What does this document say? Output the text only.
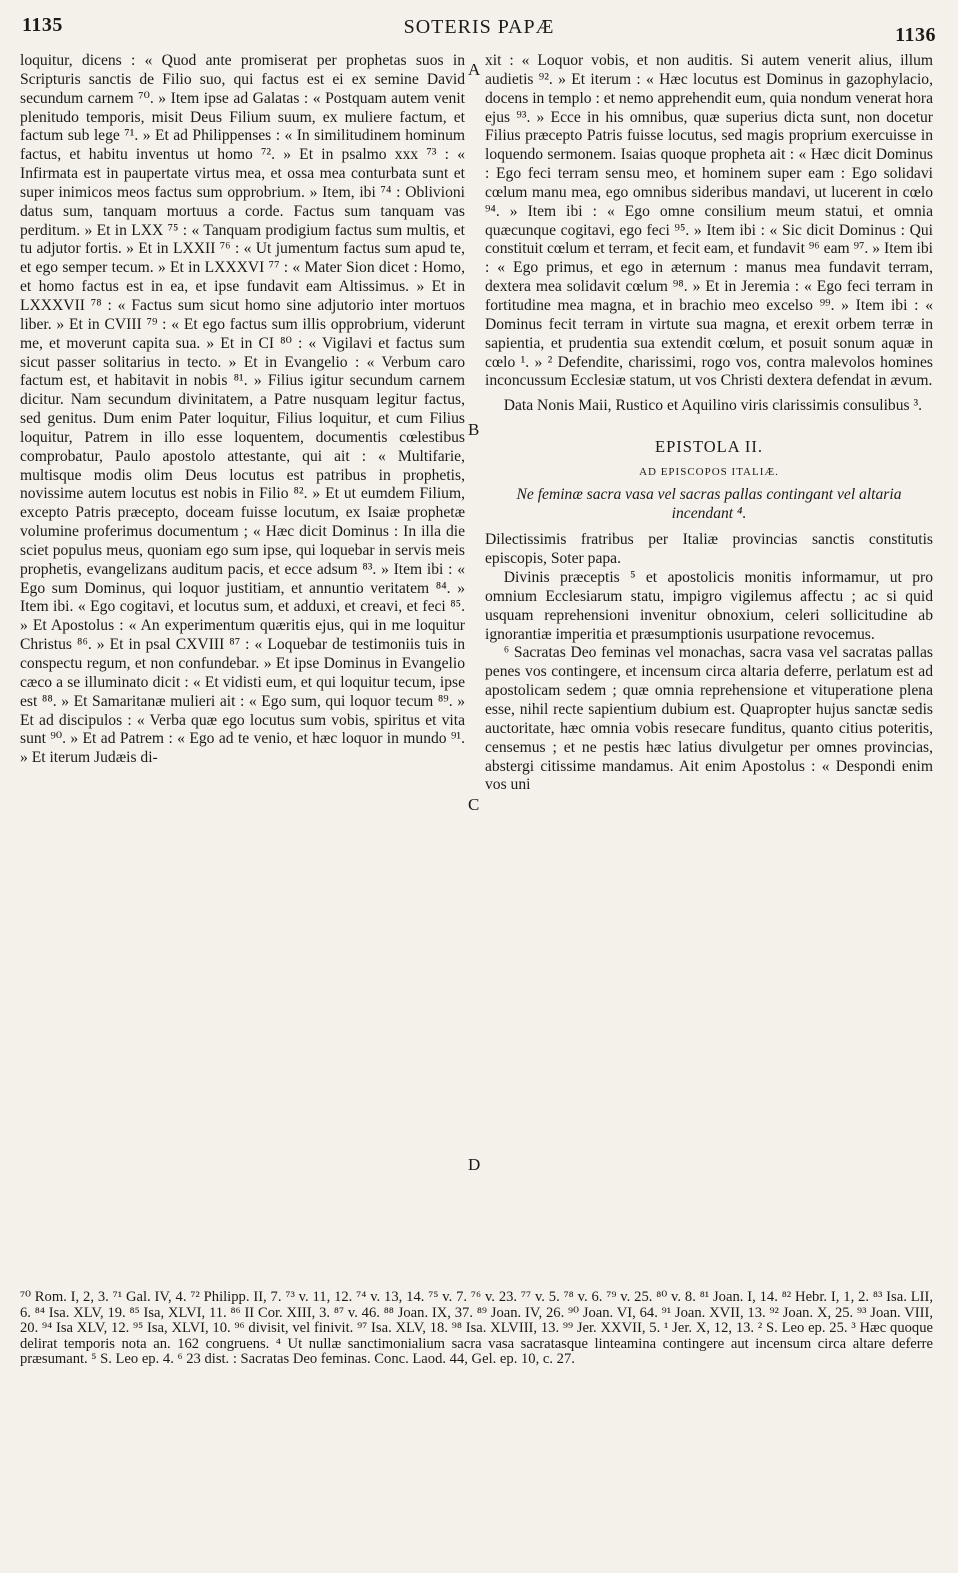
1135	SOTERIS PAPÆ	1136

loquitur, dicens : « Quod ante promiserat per prophetas suos in Scripturis sanctis de Filio suo, qui factus est ei ex semine David secundum carnem ⁷⁰. » Item ipse ad Galatas : « Postquam autem venit plenitudo temporis, misit Deus Filium suum, ex muliere factum, et factum sub lege ⁷¹. » Et ad Philippenses : « In similitudinem hominum factus, et habitu inventus ut homo ⁷². » Et in psalmo xxx ⁷³ : « Infirmata est in paupertate virtus mea, et ossa mea conturbata sunt et super inimicos meos factus sum opprobrium. » Item, ibi ⁷⁴ : Oblivioni datus sum, tanquam mortuus a corde. Factus sum tanquam vas perditum. » Et in LXX ⁷⁵ : « Tanquam prodigium factus sum multis, et tu adjutor fortis. » Et in LXXII ⁷⁶ : « Ut jumentum factus sum apud te, et ego semper tecum. » Et in LXXXVI ⁷⁷ : « Mater Sion dicet : Homo, et homo factus est in ea, et ipse fundavit eam Altissimus. » Et in LXXXVII ⁷⁸ : « Factus sum sicut homo sine adjutorio inter mortuos liber. » Et in CVIII ⁷⁹ : « Et ego factus sum illis opprobrium, viderunt me, et moverunt capita sua. » Et in CI ⁸⁰ : « Vigilavi et factus sum sicut passer solitarius in tecto. » Et in Evangelio : « Verbum caro factum est, et habitavit in nobis ⁸¹. » Filius igitur secundum carnem dicitur. Nam secundum divinitatem, a Patre nusquam legitur factus, sed genitus. Dum enim Pater loquitur, Filius loquitur, et cum Filius loquitur, Patrem in illo esse loquentem, documentis cœlestibus comprobatur, Paulo apostolo attestante, qui ait : « Multifarie, multisque modis olim Deus locutus est patribus in prophetis, novissime autem locutus est nobis in Filio ⁸². » Et ut eumdem Filium, excepto Patris præcepto, doceam fuisse locutum, ex Isaiæ prophetæ volumine proferimus documentum ; « Hæc dicit Dominus : In illa die sciet populus meus, quoniam ego sum ipse, qui loquebar in servis meis prophetis, evangelizans auditum pacis, et ecce adsum ⁸³. » Item ibi : « Ego sum Dominus, qui loquor justitiam, et annuntio veritatem ⁸⁴. » Item ibi. « Ego cogitavi, et locutus sum, et adduxi, et creavi, et feci ⁸⁵. » Et Apostolus : « An experimentum quæritis ejus, qui in me loquitur Christus ⁸⁶. » Et in psal CXVIII ⁸⁷ : « Loquebar de testimoniis tuis in conspectu regum, et non confundebar. » Et ipse Dominus in Evangelio cæco a se illuminato dicit : « Et vidisti eum, et qui loquitur tecum, ipse est ⁸⁸. » Et Samaritanæ mulieri ait : « Ego sum, qui loquor tecum ⁸⁹. » Et ad discipulos : « Verba quæ ego locutus sum vobis, spiritus et vita sunt ⁹⁰. » Et ad Patrem : « Ego ad te venio, et hæc loquor in mundo ⁹¹. » Et iterum Judæis di-

A
B
C
D

xit : « Loquor vobis, et non auditis. Si autem venerit alius, illum audietis ⁹². » Et iterum : « Hæc locutus est Dominus in gazophylacio, docens in templo : et nemo apprehendit eum, quia nondum venerat hora ejus ⁹³. » Ecce in his omnibus, quæ superius dicta sunt, non docetur Filius præcepto Patris fuisse locutus, sed magis proprium exercuisse in loquendo sermonem. Isaias quoque propheta ait : « Hæc dicit Dominus : Ego feci terram sensu meo, et hominem super eam : Ego solidavi cœlum manu mea, ego omnibus sideribus mandavi, ut lucerent in cœlo ⁹⁴. » Item ibi : « Ego omne consilium meum statui, et omnia quæcunque cogitavi, ego feci ⁹⁵. » Item ibi : « Sic dicit Dominus : Qui constituit cœlum et terram, et fecit eam, et fundavit ⁹⁶ eam ⁹⁷. » Item ibi : « Ego primus, et ego in æternum : manus mea fundavit terram, dextera mea solidavit cœlum ⁹⁸. » Et in Jeremia : « Ego feci terram in fortitudine mea magna, et in brachio meo excelso ⁹⁹. » Item ibi : « Dominus fecit terram in virtute sua magna, et erexit orbem terræ in sapientia, et prudentia sua extendit cœlum, et posuit sonum aquæ in cœlo ¹. » ² Defendite, charissimi, rogo vos, contra malevolos homines inconcussum Ecclesiæ statum, ut vos Christi dextera defendat in ævum.

Data Nonis Maii, Rustico et Aquilino viris clarissimis consulibus ³.

EPISTOLA II.
AD EPISCOPOS ITALIÆ.
Ne feminæ sacra vasa vel sacras pallas contingant vel altaria incendant ⁴.

Dilectissimis fratribus per Italiæ provincias sanctis constitutis episcopis, Soter papa.

Divinis præceptis ⁵ et apostolicis monitis informamur, ut pro omnium Ecclesiarum statu, impigro vigilemus affectu ; ac si quid usquam reprehensioni invenitur obnoxium, celeri sollicitudine ab ignorantiæ imperitia et præsumptionis usurpatione revocemus.

⁶ Sacratas Deo feminas vel monachas, sacra vasa vel sacratas pallas penes vos contingere, et incensum circa altaria deferre, perlatum est ad apostolicam sedem ; quæ omnia reprehensione et vituperatione plena esse, nihil recte sapientium dubium est. Quapropter hujus sanctæ sedis auctoritate, hæc omnia vobis resecare funditus, quanto citius poteritis, censemus ; et ne pestis hæc latius divulgetur per omnes provincias, abstergi citissime mandamus. Ait enim Apostolus : « Despondi enim vos uni

⁷⁰ Rom. I, 2, 3. ⁷¹ Gal. IV, 4. ⁷² Philipp. II, 7. ⁷³ v. 11, 12. ⁷⁴ v. 13, 14. ⁷⁵ v. 7. ⁷⁶ v. 23. ⁷⁷ v. 5. ⁷⁸ v. 6. ⁷⁹ v. 25. ⁸⁰ v. 8. ⁸¹ Joan. I, 14. ⁸² Hebr. I, 1, 2. ⁸³ Isa. LII, 6. ⁸⁴ Isa. XLV, 19. ⁸⁵ Isa, XLVI, 11. ⁸⁶ II Cor. XIII, 3. ⁸⁷ v. 46. ⁸⁸ Joan. IX, 37. ⁸⁹ Joan. IV, 26. ⁹⁰ Joan. VI, 64. ⁹¹ Joan. XVII, 13. ⁹² Joan. X, 25. ⁹³ Joan. VIII, 20. ⁹⁴ Isa XLV, 12. ⁹⁵ Isa, XLVI, 10. ⁹⁶ divisit, vel finivit. ⁹⁷ Isa. XLV, 18. ⁹⁸ Isa. XLVIII, 13. ⁹⁹ Jer. XXVII, 5. ¹ Jer. X, 12, 13. ² S. Leo ep. 25. ³ Hæc quoque delirat temporis nota an. 162 congruens. ⁴ Ut nullæ sanctimonialium sacra vasa sacratasque linteamina contingere aut incensum circa altare deferre præsumant. ⁵ S. Leo ep. 4. ⁶ 23 dist. : Sacratas Deo feminas. Conc. Laod. 44, Gel. ep. 10, c. 27.
